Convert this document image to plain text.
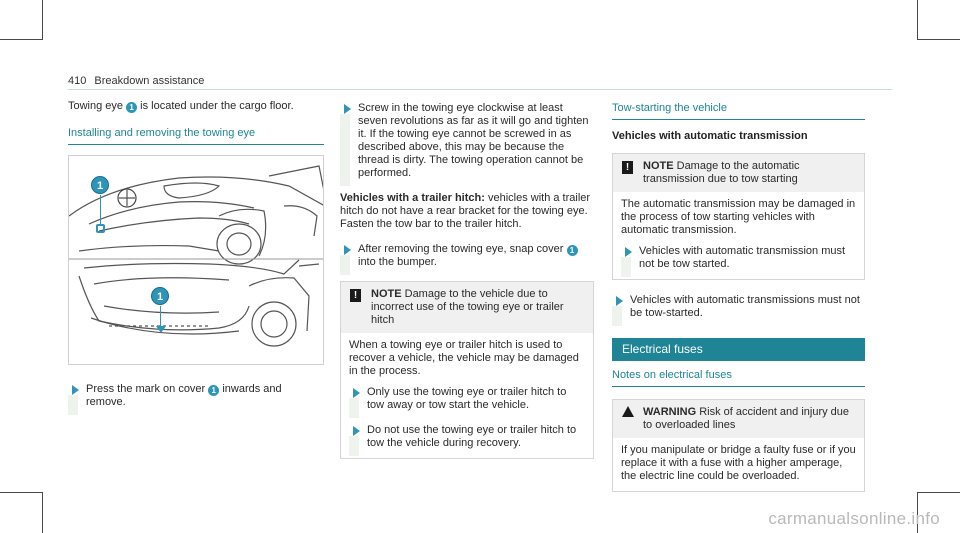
410 Breakdown assistance

Towing eye 1 is located under the cargo floor.

Installing and removing the towing eye
1
1
Press the mark on cover 1 inwards and remove.
Screw in the towing eye clockwise at least seven revolutions as far as it will go and tighten it. If the towing eye cannot be screwed in as described above, this may be because the thread is dirty. The towing operation cannot be performed.

Vehicles with a trailer hitch: vehicles with a trailer hitch do not have a rear bracket for the towing eye. Fasten the tow bar to the trailer hitch.

After removing the towing eye, snap cover 1 into the bumper.
!	NOTE Damage to the vehicle due to incorrect use of the towing eye or trailer hitch

When a towing eye or trailer hitch is used to recover a vehicle, the vehicle may be damaged in the process.

Only use the towing eye or trailer hitch to tow away or tow start the vehicle.
Do not use the towing eye or trailer hitch to tow the vehicle during recovery.
Tow-starting the vehicle
Vehicles with automatic transmission
!	NOTE Damage to the automatic transmission due to tow starting

The automatic transmission may be damaged in the process of tow starting vehicles with automatic transmission.

Vehicles with automatic transmission must not be tow started.
Vehicles with automatic transmissions must not be tow-started.
Electrical fuses
Notes on electrical fuses
WARNING Risk of accident and injury due to overloaded lines

If you manipulate or bridge a faulty fuse or if you replace it with a fuse with a higher amperage, the electric line could be overloaded.

carmanualsonline.info
